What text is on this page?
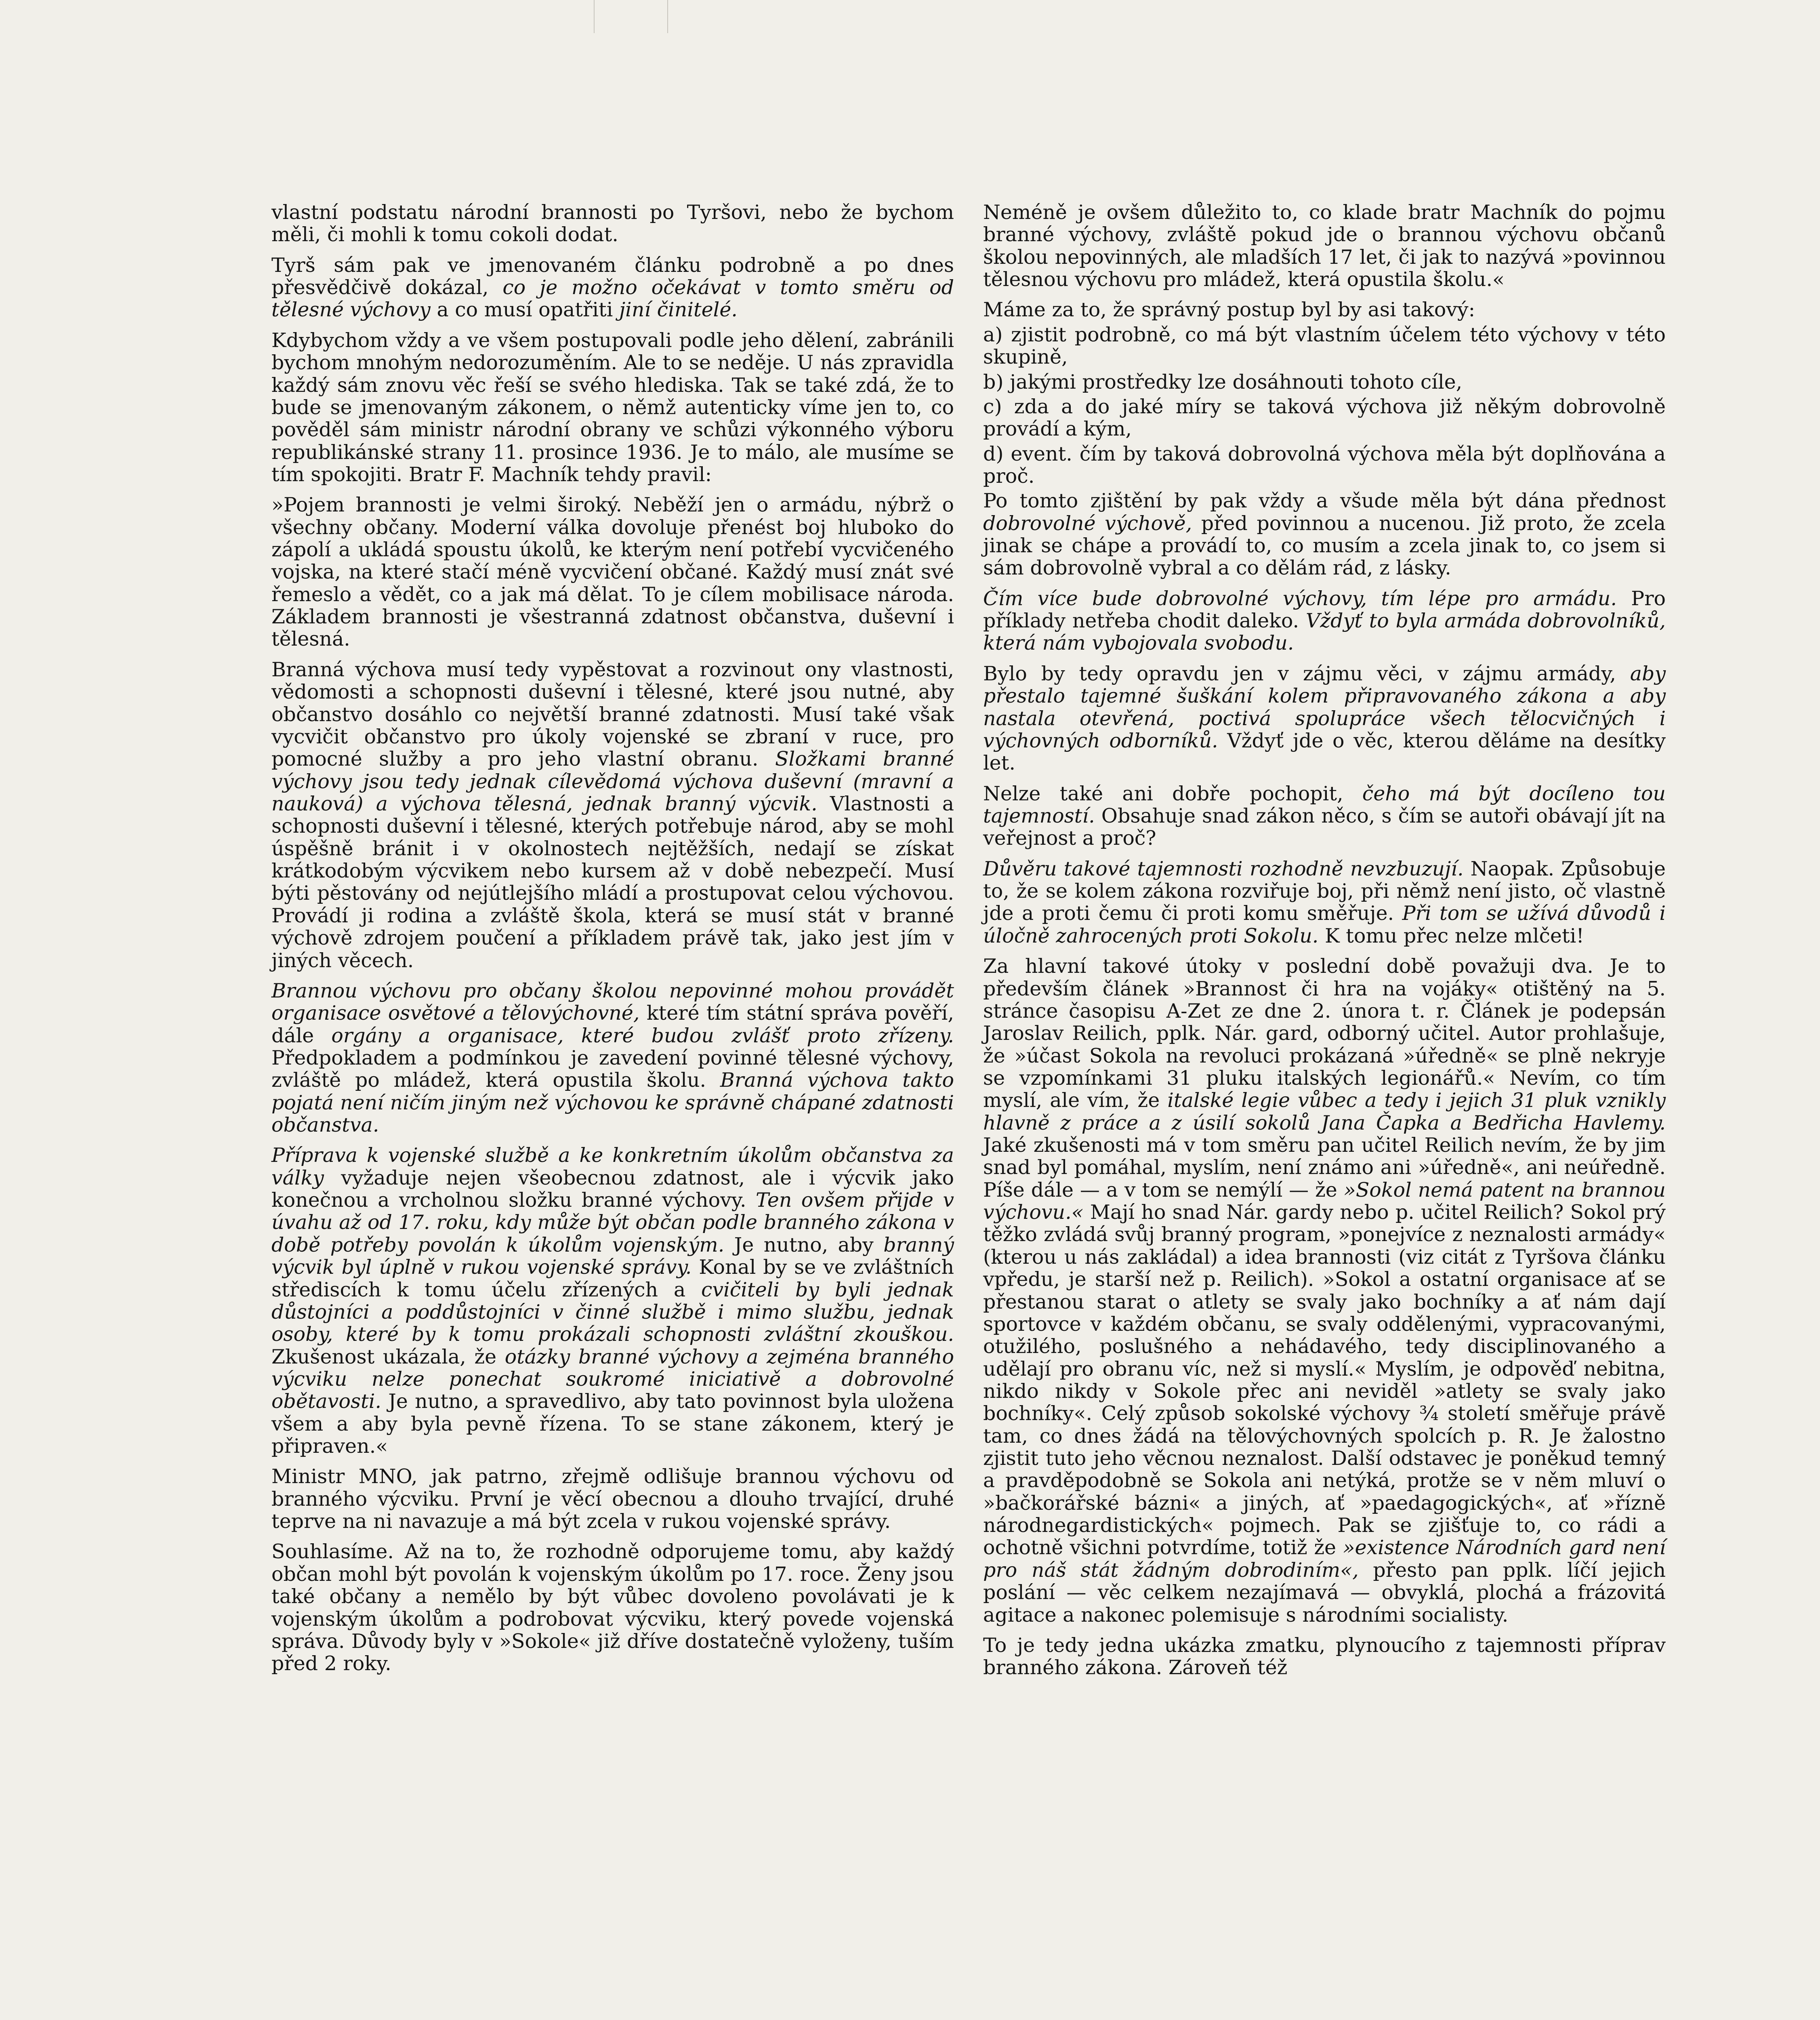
vlastní podstatu národní brannosti po Tyršovi, nebo že bychom měli, či mohli k tomu cokoli dodat.

Tyrš sám pak ve jmenovaném článku podrobně a po dnes přesvědčivě dokázal, co je možno očekávat v tomto směru od tělesné výchovy a co musí opatřiti jiní činitelé.

Kdybychom vždy a ve všem postupovali podle jeho dělení, zabránili bychom mnohým nedorozuměním. Ale to se neděje. U nás zpravidla každý sám znovu věc řeší se svého hlediska. Tak se také zdá, že to bude se jmenovaným zákonem, o němž autenticky víme jen to, co pověděl sám ministr národní obrany ve schůzi výkonného výboru republikánské strany 11. prosince 1936. Je to málo, ale musíme se tím spokojiti. Bratr F. Machník tehdy pravil:

»Pojem brannosti je velmi široký. Neběží jen o armádu, nýbrž o všechny občany. Moderní válka dovoluje přenést boj hluboko do zápolí a ukládá spoustu úkolů, ke kterým není potřebí vycvičeného vojska, na které stačí méně vycvičení občané. Každý musí znát své řemeslo a vědět, co a jak má dělat. To je cílem mobilisace národa. Základem brannosti je všestranná zdatnost občanstva, duševní i tělesná.

Branná výchova musí tedy vypěstovat a rozvinout ony vlastnosti, vědomosti a schopnosti duševní i tělesné, které jsou nutné, aby občanstvo dosáhlo co největší branné zdatnosti. Musí také však vycvičit občanstvo pro úkoly vojenské se zbraní v ruce, pro pomocné služby a pro jeho vlastní obranu. Složkami branné výchovy jsou tedy jednak cílevědomá výchova duševní (mravní a nauková) a výchova tělesná, jednak branný výcvik. Vlastnosti a schopnosti duševní i tělesné, kterých potřebuje národ, aby se mohl úspěšně bránit i v okolnostech nejtěžších, nedají se získat krátkodobým výcvikem nebo kursem až v době nebezpečí. Musí býti pěstovány od nejútlejšího mládí a prostupovat celou výchovou. Provádí ji rodina a zvláště škola, která se musí stát v branné výchově zdrojem poučení a příkladem právě tak, jako jest jím v jiných věcech.

Brannou výchovu pro občany školou nepovinné mohou provádět organisace osvětové a tělovýchovné, které tím státní správa pověří, dále orgány a organisace, které budou zvlášť proto zřízeny. Předpokladem a podmínkou je zavedení povinné tělesné výchovy, zvláště po mládež, která opustila školu. Branná výchova takto pojatá není ničím jiným než výchovou ke správně chápané zdatnosti občanstva.

Příprava k vojenské službě a ke konkretním úkolům občanstva za války vyžaduje nejen všeobecnou zdatnost, ale i výcvik jako konečnou a vrcholnou složku branné výchovy. Ten ovšem přijde v úvahu až od 17. roku, kdy může být občan podle branného zákona v době potřeby povolán k úkolům vojenským. Je nutno, aby branný výcvik byl úplně v rukou vojenské správy. Konal by se ve zvláštních střediscích k tomu účelu zřízených a cvičiteli by byli jednak důstojníci a poddůstojníci v činné službě i mimo službu, jednak osoby, které by k tomu prokázali schopnosti zvláštní zkouškou. Zkušenost ukázala, že otázky branné výchovy a zejména branného výcviku nelze ponechat soukromé iniciativě a dobrovolné obětavosti. Je nutno, a spravedlivo, aby tato povinnost byla uložena všem a aby byla pevně řízena. To se stane zákonem, který je připraven.«

Ministr MNO, jak patrno, zřejmě odlišuje brannou výchovu od branného výcviku. První je věcí obecnou a dlouho trvající, druhé teprve na ni navazuje a má být zcela v rukou vojenské správy.

Souhlasíme. Až na to, že rozhodně odporujeme tomu, aby každý občan mohl být povolán k vojenským úkolům po 17. roce. Ženy jsou také občany a nemělo by být vůbec dovoleno povolávati je k vojenským úkolům a podrobovat výcviku, který povede vojenská správa. Důvody byly v »Sokole« již dříve dostatečně vyloženy, tuším před 2 roky.

Neméně je ovšem důležito to, co klade bratr Machník do pojmu branné výchovy, zvláště pokud jde o brannou výchovu občanů školou nepovinných, ale mladších 17 let, či jak to nazývá »povinnou tělesnou výchovu pro mládež, která opustila školu.«

Máme za to, že správný postup byl by asi takový:

a) zjistit podrobně, co má být vlastním účelem této výchovy v této skupině,

b) jakými prostředky lze dosáhnouti tohoto cíle,

c) zda a do jaké míry se taková výchova již někým dobrovolně provádí a kým,

d) event. čím by taková dobrovolná výchova měla být doplňována a proč.

Po tomto zjištění by pak vždy a všude měla být dána přednost dobrovolné výchově, před povinnou a nucenou. Již proto, že zcela jinak se chápe a provádí to, co musím a zcela jinak to, co jsem si sám dobrovolně vybral a co dělám rád, z lásky.

Čím více bude dobrovolné výchovy, tím lépe pro armádu. Pro příklady netřeba chodit daleko. Vždyť to byla armáda dobrovolníků, která nám vybojovala svobodu.

Bylo by tedy opravdu jen v zájmu věci, v zájmu armády, aby přestalo tajemné šuškání kolem připravovaného zákona a aby nastala otevřená, poctivá spolupráce všech tělocvičných i výchovných odborníků. Vždyť jde o věc, kterou děláme na desítky let.

Nelze také ani dobře pochopit, čeho má být docíleno tou tajemností. Obsahuje snad zákon něco, s čím se autoři obávají jít na veřejnost a proč?

Důvěru takové tajemnosti rozhodně nevzbuzují. Naopak. Způsobuje to, že se kolem zákona rozviřuje boj, při němž není jisto, oč vlastně jde a proti čemu či proti komu směřuje. Při tom se užívá důvodů i úločně zahrocených proti Sokolu. K tomu přec nelze mlčeti!

Za hlavní takové útoky v poslední době považuji dva. Je to především článek »Brannost či hra na vojáky« otištěný na 5. stránce časopisu A-Zet ze dne 2. února t. r. Článek je podepsán Jaroslav Reilich, pplk. Nár. gard, odborný učitel. Autor prohlašuje, že »účast Sokola na revoluci prokázaná »úředně« se plně nekryje se vzpomínkami 31 pluku italských legionářů.« Nevím, co tím myslí, ale vím, že italské legie vůbec a tedy i jejich 31 pluk vznikly hlavně z práce a z úsilí sokolů Jana Čapka a Bedřicha Havlemy. Jaké zkušenosti má v tom směru pan učitel Reilich nevím, že by jim snad byl pomáhal, myslím, není známo ani »úředně«, ani neúředně. Píše dále — a v tom se nemýlí — že »Sokol nemá patent na brannou výchovu.« Mají ho snad Nár. gardy nebo p. učitel Reilich? Sokol prý těžko zvládá svůj branný program, »ponejvíce z neznalosti armády« (kterou u nás zakládal) a idea brannosti (viz citát z Tyršova článku vpředu, je starší než p. Reilich). »Sokol a ostatní organisace ať se přestanou starat o atlety se svaly jako bochníky a ať nám dají sportovce v každém občanu, se svaly oddělenými, vypracovanými, otužilého, poslušného a nehádavého, tedy disciplinovaného a udělají pro obranu víc, než si myslí.« Myslím, je odpověď nebitna, nikdo nikdy v Sokole přec ani neviděl »atlety se svaly jako bochníky«. Celý způsob sokolské výchovy ¾ století směřuje právě tam, co dnes žádá na tělovýchovných spolcích p. R. Je žalostno zjistit tuto jeho věcnou neznalost. Další odstavec je poněkud temný a pravděpodobně se Sokola ani netýká, protže se v něm mluví o »bačkorářské bázni« a jiných, ať »paedagogických«, ať »řízně národnegardistických« pojmech. Pak se zjišťuje to, co rádi a ochotně všichni potvrdíme, totiž že »existence Národních gard není pro náš stát žádným dobrodiním«, přesto pan pplk. líčí jejich poslání — věc celkem nezajímavá — obvyklá, plochá a frázovitá agitace a nakonec polemisuje s národními socialisty.

To je tedy jedna ukázka zmatku, plynoucího z tajemnosti příprav branného zákona. Zároveň též
